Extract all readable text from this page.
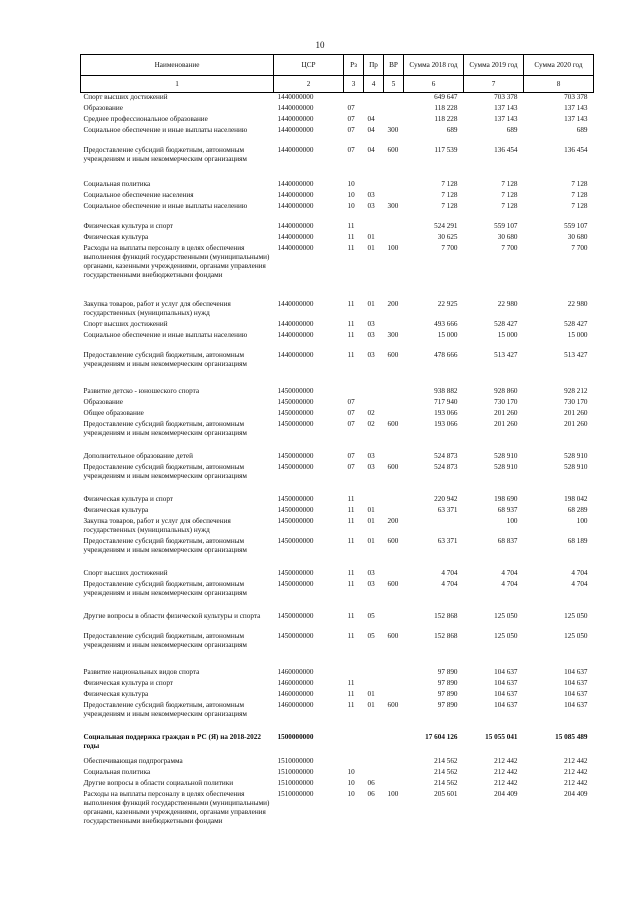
10
Наименование	ЦСР	Рз	Пр	ВР	Сумма 2018 год	Сумма 2019 год	Сумма 2020 год
1	2	3	4	5	6	7	8
Спорт высших достижений	1440000000				649 647	703 378	703 378
Образование	1440000000	07			118 228	137 143	137 143
Среднее профессиональное образование	1440000000	07	04		118 228	137 143	137 143
Социальное обеспечение и иные выплаты населению	1440000000	07	04	300	689	689	689
Предоставление субсидий бюджетным, автономным учреждениям и иным некоммерческим организациям	1440000000	07	04	600	117 539	136 454	136 454
Социальная политика	1440000000	10			7 128	7 128	7 128
Социальное обеспечение населения	1440000000	10	03		7 128	7 128	7 128
Социальное обеспечение и иные выплаты населению	1440000000	10	03	300	7 128	7 128	7 128
Физическая культура и спорт	1440000000	11			524 291	559 107	559 107
Физическая культура	1440000000	11	01		30 625	30 680	30 680
Расходы на выплаты персоналу в целях обеспечения выполнения функций государственными (муниципальными) органами, казенными учреждениями, органами управления государственными внебюджетными фондами	1440000000	11	01	100	7 700	7 700	7 700
Закупка товаров, работ и услуг для обеспечения государственных (муниципальных) нужд	1440000000	11	01	200	22 925	22 980	22 980
Спорт высших достижений	1440000000	11	03		493 666	528 427	528 427
Социальное обеспечение и иные выплаты населению	1440000000	11	03	300	15 000	15 000	15 000
Предоставление субсидий бюджетным, автономным учреждениям и иным некоммерческим организациям	1440000000	11	03	600	478 666	513 427	513 427
Развитие детско - юношеского спорта	1450000000				938 882	928 860	928 212
Образование	1450000000	07			717 940	730 170	730 170
Общее образование	1450000000	07	02		193 066	201 260	201 260
Предоставление субсидий бюджетным, автономным учреждениям и иным некоммерческим организациям	1450000000	07	02	600	193 066	201 260	201 260
Дополнительное образование детей	1450000000	07	03		524 873	528 910	528 910
Предоставление субсидий бюджетным, автономным учреждениям и иным некоммерческим организациям	1450000000	07	03	600	524 873	528 910	528 910
Физическая культура и спорт	1450000000	11			220 942	198 690	198 042
Физическая культура	1450000000	11	01		63 371	68 937	68 289
Закупка товаров, работ и услуг для обеспечения государственных (муниципальных) нужд	1450000000	11	01	200		100	100
Предоставление субсидий бюджетным, автономным учреждениям и иным некоммерческим организациям	1450000000	11	01	600	63 371	68 837	68 189
Спорт высших достижений	1450000000	11	03		4 704	4 704	4 704
Предоставление субсидий бюджетным, автономным учреждениям и иным некоммерческим организациям	1450000000	11	03	600	4 704	4 704	4 704
Другие вопросы в области физической культуры и спорта	1450000000	11	05		152 868	125 050	125 050
Предоставление субсидий бюджетным, автономным учреждениям и иным некоммерческим организациям	1450000000	11	05	600	152 868	125 050	125 050
Развитие национальных видов спорта	1460000000				97 890	104 637	104 637
Физическая культура и спорт	1460000000	11			97 890	104 637	104 637
Физическая культура	1460000000	11	01		97 890	104 637	104 637
Предоставление субсидий бюджетным, автономным учреждениям и иным некоммерческим организациям	1460000000	11	01	600	97 890	104 637	104 637
Социальная поддержка граждан в РС (Я) на 2018-2022 годы	1500000000				17 604 126	15 055 041	15 085 489
Обеспечивающая подпрограмма	1510000000				214 562	212 442	212 442
Социальная политика	1510000000	10			214 562	212 442	212 442
Другие вопросы в области социальной политики	1510000000	10	06		214 562	212 442	212 442
Расходы на выплаты персоналу в целях обеспечения выполнения функций государственными (муниципальными) органами, казенными учреждениями, органами управления государственными внебюджетными фондами	1510000000	10	06	100	205 601	204 409	204 409
